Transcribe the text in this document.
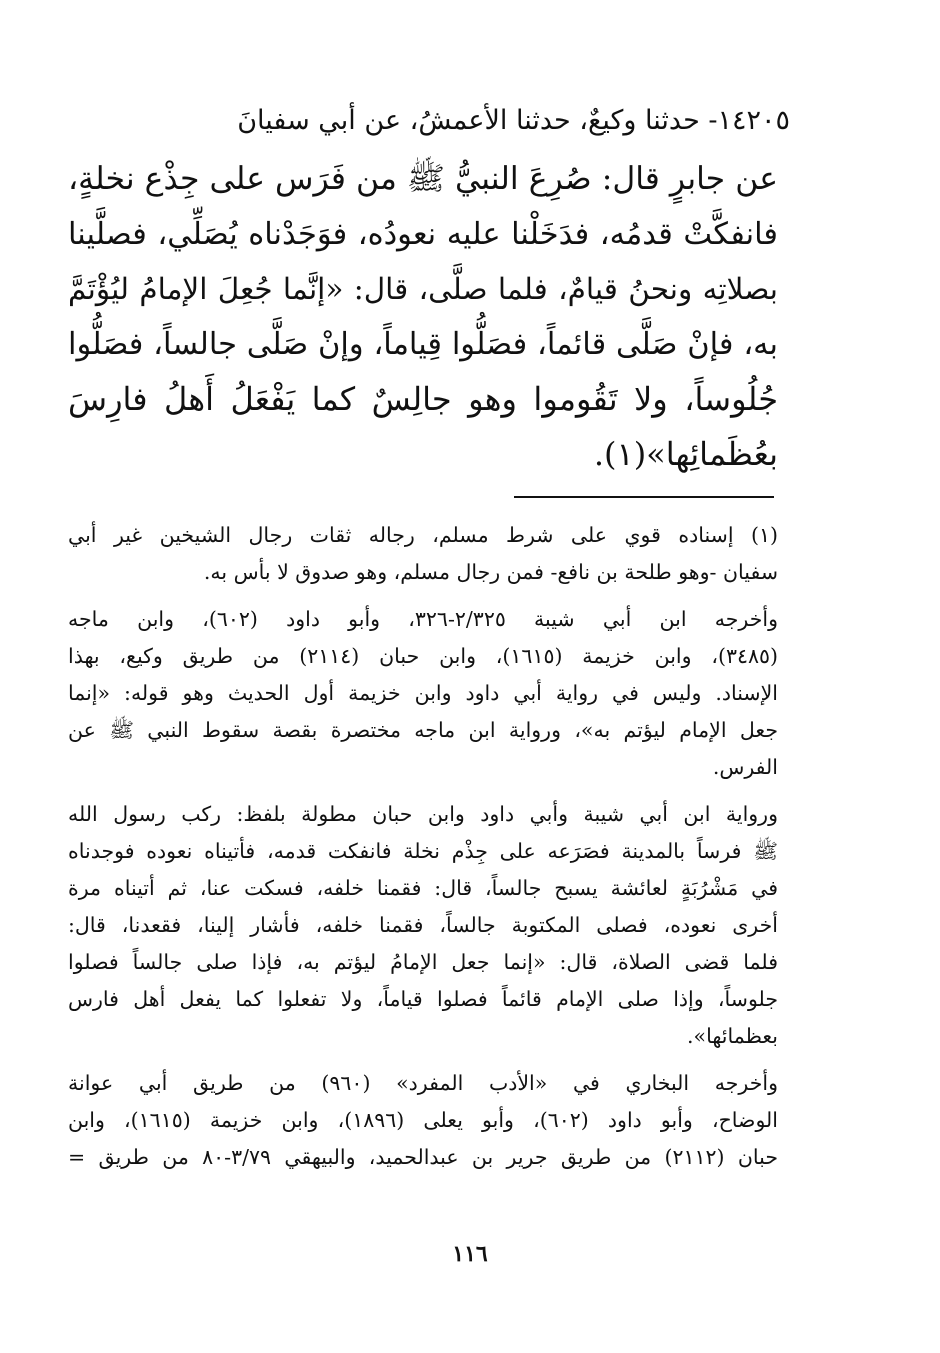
١٤٢٠٥- حدثنا وكيعٌ، حدثنا الأعمشُ، عن أبي سفيانَ
عن جابرٍ قال: صُرِعَ النبيُّ ﷺ من فَرَس على جِذْع نخلةٍ،
فانفكَّتْ قدمُه، فدَخَلْنا عليه نعودُه، فوَجَدْناه يُصَلِّي، فصلَّينا
بصلاتِه ونحنُ قيامٌ، فلما صلَّى، قال: «إنَّما جُعِلَ الإمامُ ليُؤْتَمَّ
به، فإنْ صَلَّى قائماً، فصَلُّوا قِياماً، وإنْ صَلَّى جالساً، فصَلُّوا
جُلُوساً، ولا تَقُوموا وهو جالِسٌ كما يَفْعَلُ أَهلُ فارِسَ
بعُظَمائِها»(١).
(١) إسناده قوي على شرط مسلم، رجاله ثقات رجال الشيخين غير أبي
سفيان -وهو طلحة بن نافع- فمن رجال مسلم، وهو صدوق لا بأس به.
وأخرجه ابن أبي شيبة ٢/٣٢٥-٣٢٦، وأبو داود (٦٠٢)، وابن ماجه
(٣٤٨٥)، وابن خزيمة (١٦١٥)، وابن حبان (٢١١٤) من طريق وكيع، بهذا
الإسناد. وليس في رواية أبي داود وابن خزيمة أول الحديث وهو قوله: «إنما
جعل الإمام ليؤتم به»، ورواية ابن ماجه مختصرة بقصة سقوط النبي ﷺ عن
الفرس.
ورواية ابن أبي شيبة وأبي داود وابن حبان مطولة بلفظ: ركب رسول الله
ﷺ فرساً بالمدينة فصَرَعه على جِذْم نخلة فانفكت قدمه، فأتيناه نعوده فوجدناه
في مَشْرُبَةٍ لعائشة يسبح جالساً، قال: فقمنا خلفه، فسكت عنا، ثم أتيناه مرة
أخرى نعوده، فصلى المكتوبة جالساً، فقمنا خلفه، فأشار إلينا، فقعدنا، قال:
فلما قضى الصلاة، قال: «إنما جعل الإمامُ ليؤتم به، فإذا صلى جالساً فصلوا
جلوساً، وإذا صلى الإمام قائماً فصلوا قياماً، ولا تفعلوا كما يفعل أهل فارس
بعظمائها».
وأخرجه البخاري في «الأدب المفرد» (٩٦٠) من طريق أبي عوانة
الوضاح، وأبو داود (٦٠٢)، وأبو يعلى (١٨٩٦)، وابن خزيمة (١٦١٥)، وابن
حبان (٢١١٢) من طريق جرير بن عبدالحميد، والبيهقي ٣/٧٩-٨٠ من طريق =
١١٦
